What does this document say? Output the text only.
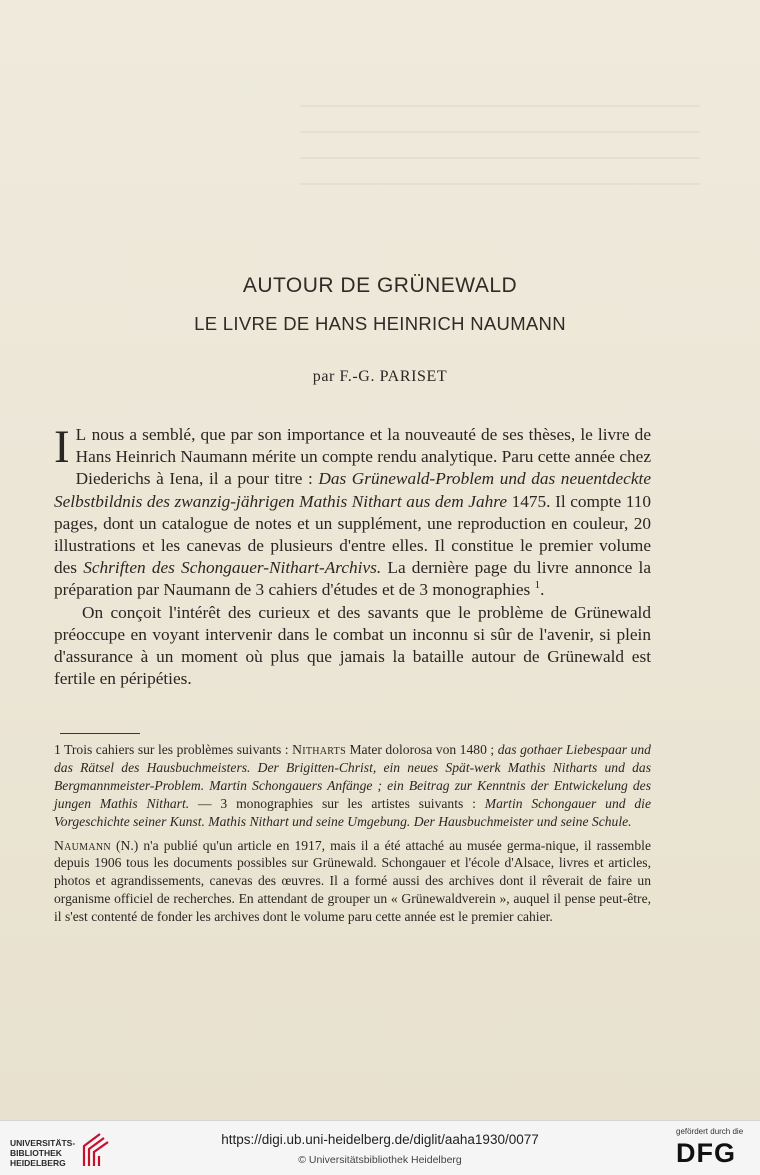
AUTOUR DE GRÜNEWALD
LE LIVRE DE HANS HEINRICH NAUMANN
par F.-G. PARISET

I L nous a semblé, que par son importance et la nouveauté de ses thèses, le livre de Hans Heinrich Naumann mérite un compte rendu analytique. Paru cette année chez Diederichs à Iena, il a pour titre : Das Grünewald-Problem und das neuentdeckte Selbstbildnis des zwanzig-jährigen Mathis Nithart aus dem Jahre 1475. Il compte 110 pages, dont un catalogue de notes et un supplément, une reproduction en couleur, 20 illustrations et les canevas de plusieurs d'entre elles. Il constitue le premier volume des Schriften des Schongauer-Nithart-Archivs. La dernière page du livre annonce la préparation par Naumann de 3 cahiers d'études et de 3 monographies $^1$.

On conçoit l'intérêt des curieux et des savants que le problème de Grünewald préoccupe en voyant intervenir dans le combat un inconnu si sûr de l'avenir, si plein d'assurance à un moment où plus que jamais la bataille autour de Grünewald est fertile en péripéties.

1 Trois cahiers sur les problèmes suivants : Nitharts Mater dolorosa von 1480 ; das gothaer Liebespaar und das Rätsel des Hausbuchmeisters. Der Brigitten-Christ, ein neues Spät-werk Mathis Nitharts und das Bergmannmeister-Problem. Martin Schongauers Anfänge ; ein Beitrag zur Kenntnis der Entwickelung des jungen Mathis Nithart. — 3 monographies sur les artistes suivants : Martin Schongauer und die Vorgeschichte seiner Kunst. Mathis Nithart und seine Umgebung. Der Hausbuchmeister und seine Schule.

Naumann (N.) n'a publié qu'un article en 1917, mais il a été attaché au musée germa-nique, il rassemble depuis 1906 tous les documents possibles sur Grünewald. Schongauer et l'école d'Alsace, livres et articles, photos et agrandissements, canevas des œuvres. Il a formé aussi des archives dont il rêverait de faire un organisme officiel de recherches. En attendant de grouper un « Grünewaldverein », auquel il pense peut-être, il s'est contenté de fonder les archives dont le volume paru cette année est le premier cahier.

UNIVERSITÄTS-
BIBLIOTHEK
HEIDELBERG
https://digi.ub.uni-heidelberg.de/diglit/aaha1930/0077
© Universitätsbibliothek Heidelberg
gefördert durch die
DFG
